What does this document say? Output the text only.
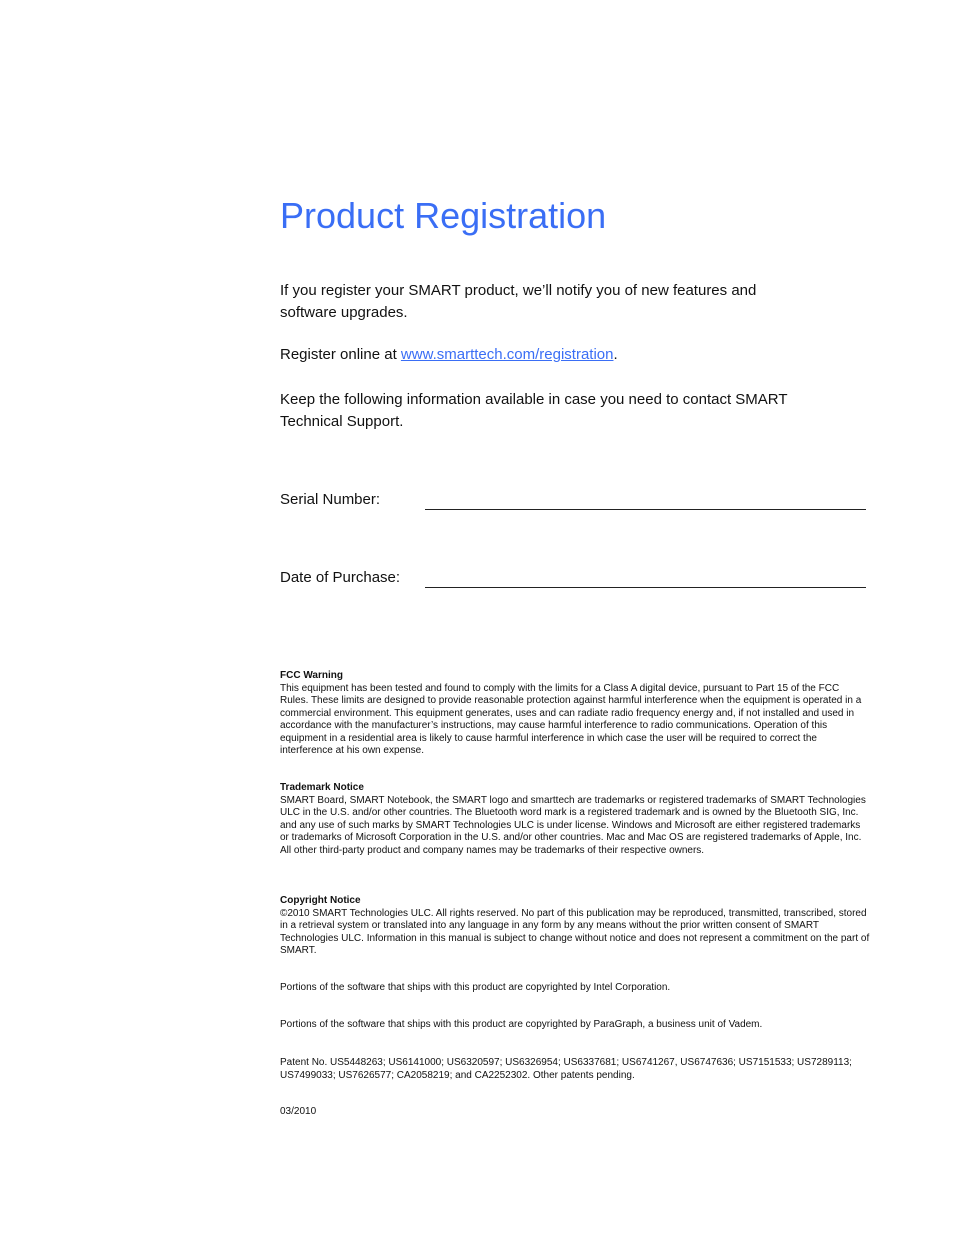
Product Registration

If you register your SMART product, we’ll notify you of new features and software upgrades.

Register online at www.smarttech.com/registration.

Keep the following information available in case you need to contact SMART Technical Support.

Serial Number:
Date of Purchase:

FCC Warning
This equipment has been tested and found to comply with the limits for a Class A digital device, pursuant to Part 15 of the FCC Rules. These limits are designed to provide reasonable protection against harmful interference when the equipment is operated in a commercial environment. This equipment generates, uses and can radiate radio frequency energy and, if not installed and used in accordance with the manufacturer’s instructions, may cause harmful interference to radio communications. Operation of this equipment in a residential area is likely to cause harmful interference in which case the user will be required to correct the interference at his own expense.

Trademark Notice
SMART Board, SMART Notebook, the SMART logo and smarttech are trademarks or registered trademarks of SMART Technologies ULC in the U.S. and/or other countries. The Bluetooth word mark is a registered trademark and is owned by the Bluetooth SIG, Inc. and any use of such marks by SMART Technologies ULC is under license. Windows and Microsoft are either registered trademarks or trademarks of Microsoft Corporation in the U.S. and/or other countries. Mac and Mac OS are registered trademarks of Apple, Inc. All other third-party product and company names may be trademarks of their respective owners.

Copyright Notice
©2010 SMART Technologies ULC. All rights reserved. No part of this publication may be reproduced, transmitted, transcribed, stored in a retrieval system or translated into any language in any form by any means without the prior written consent of SMART Technologies ULC. Information in this manual is subject to change without notice and does not represent a commitment on the part of SMART.

Portions of the software that ships with this product are copyrighted by Intel Corporation.

Portions of the software that ships with this product are copyrighted by ParaGraph, a business unit of Vadem.

Patent No. US5448263; US6141000; US6320597; US6326954; US6337681; US6741267, US6747636; US7151533; US7289113; US7499033; US7626577; CA2058219; and CA2252302. Other patents pending.

03/2010
